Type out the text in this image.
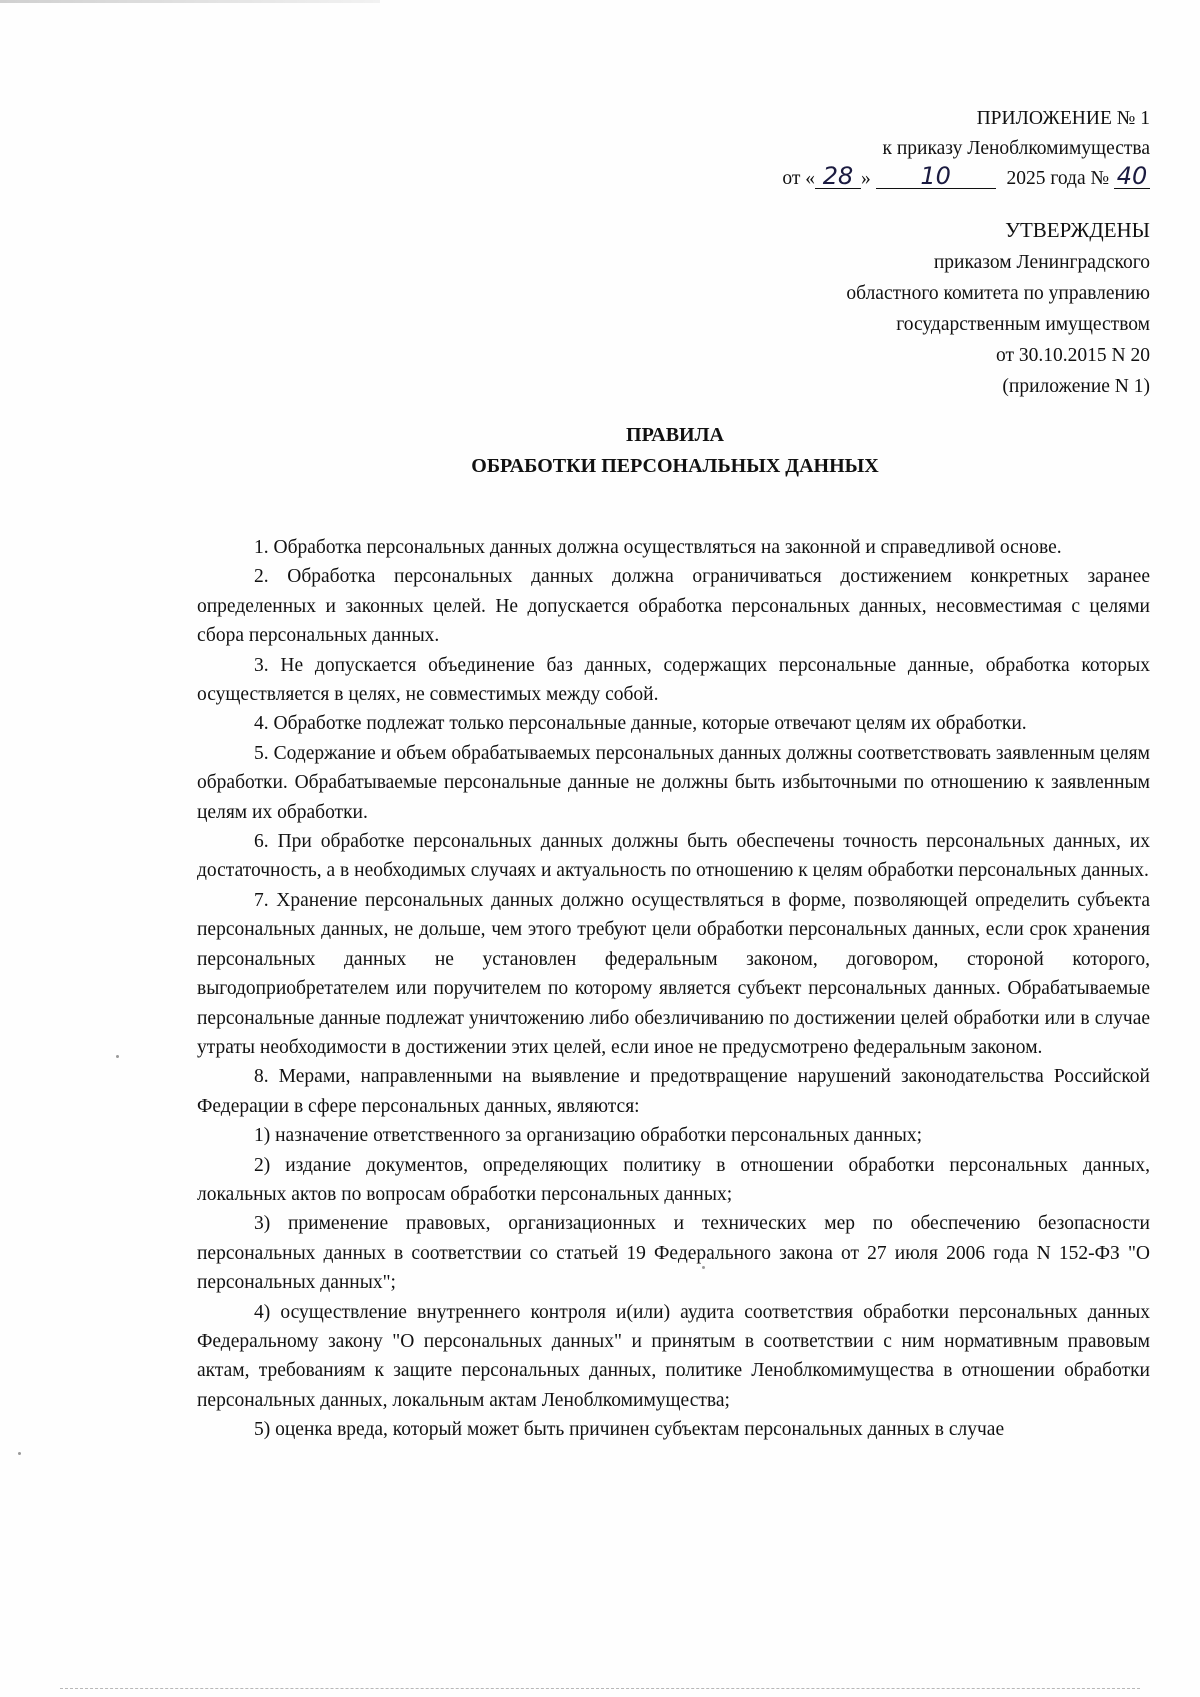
ПРИЛОЖЕНИЕ № 1
к приказу Леноблкомимущества
от « 28 » 10	2025 года № 40
УТВЕРЖДЕНЫ
приказом Ленинградского
областного комитета по управлению
государственным имуществом
от 30.10.2015 N 20
(приложение N 1)
ПРАВИЛА
ОБРАБОТКИ ПЕРСОНАЛЬНЫХ ДАННЫХ

1. Обработка персональных данных должна осуществляться на законной и справедливой основе.

2. Обработка персональных данных должна ограничиваться достижением конкретных заранее определенных и законных целей. Не допускается обработка персональных данных, несовместимая с целями сбора персональных данных.

3. Не допускается объединение баз данных, содержащих персональные данные, обработка которых осуществляется в целях, не совместимых между собой.

4. Обработке подлежат только персональные данные, которые отвечают целям их обработки.

5. Содержание и объем обрабатываемых персональных данных должны соответствовать заявленным целям обработки. Обрабатываемые персональные данные не должны быть избыточными по отношению к заявленным целям их обработки.

6. При обработке персональных данных должны быть обеспечены точность персональных данных, их достаточность, а в необходимых случаях и актуальность по отношению к целям обработки персональных данных.

7. Хранение персональных данных должно осуществляться в форме, позволяющей определить субъекта персональных данных, не дольше, чем этого требуют цели обработки персональных данных, если срок хранения персональных данных не установлен федеральным законом, договором, стороной которого, выгодоприобретателем или поручителем по которому является субъект персональных данных. Обрабатываемые персональные данные подлежат уничтожению либо обезличиванию по достижении целей обработки или в случае утраты необходимости в достижении этих целей, если иное не предусмотрено федеральным законом.

8. Мерами, направленными на выявление и предотвращение нарушений законодательства Российской Федерации в сфере персональных данных, являются:

1) назначение ответственного за организацию обработки персональных данных;

2) издание документов, определяющих политику в отношении обработки персональных данных, локальных актов по вопросам обработки персональных данных;

3) применение правовых, организационных и технических мер по обеспечению безопасности персональных данных в соответствии со статьей 19 Федерального закона от 27 июля 2006 года N 152-ФЗ "О персональных данных";

4) осуществление внутреннего контроля и(или) аудита соответствия обработки персональных данных Федеральному закону "О персональных данных" и принятым в соответствии с ним нормативным правовым актам, требованиям к защите персональных данных, политике Леноблкомимущества в отношении обработки персональных данных, локальным актам Леноблкомимущества;

5) оценка вреда, который может быть причинен субъектам персональных данных в случае
